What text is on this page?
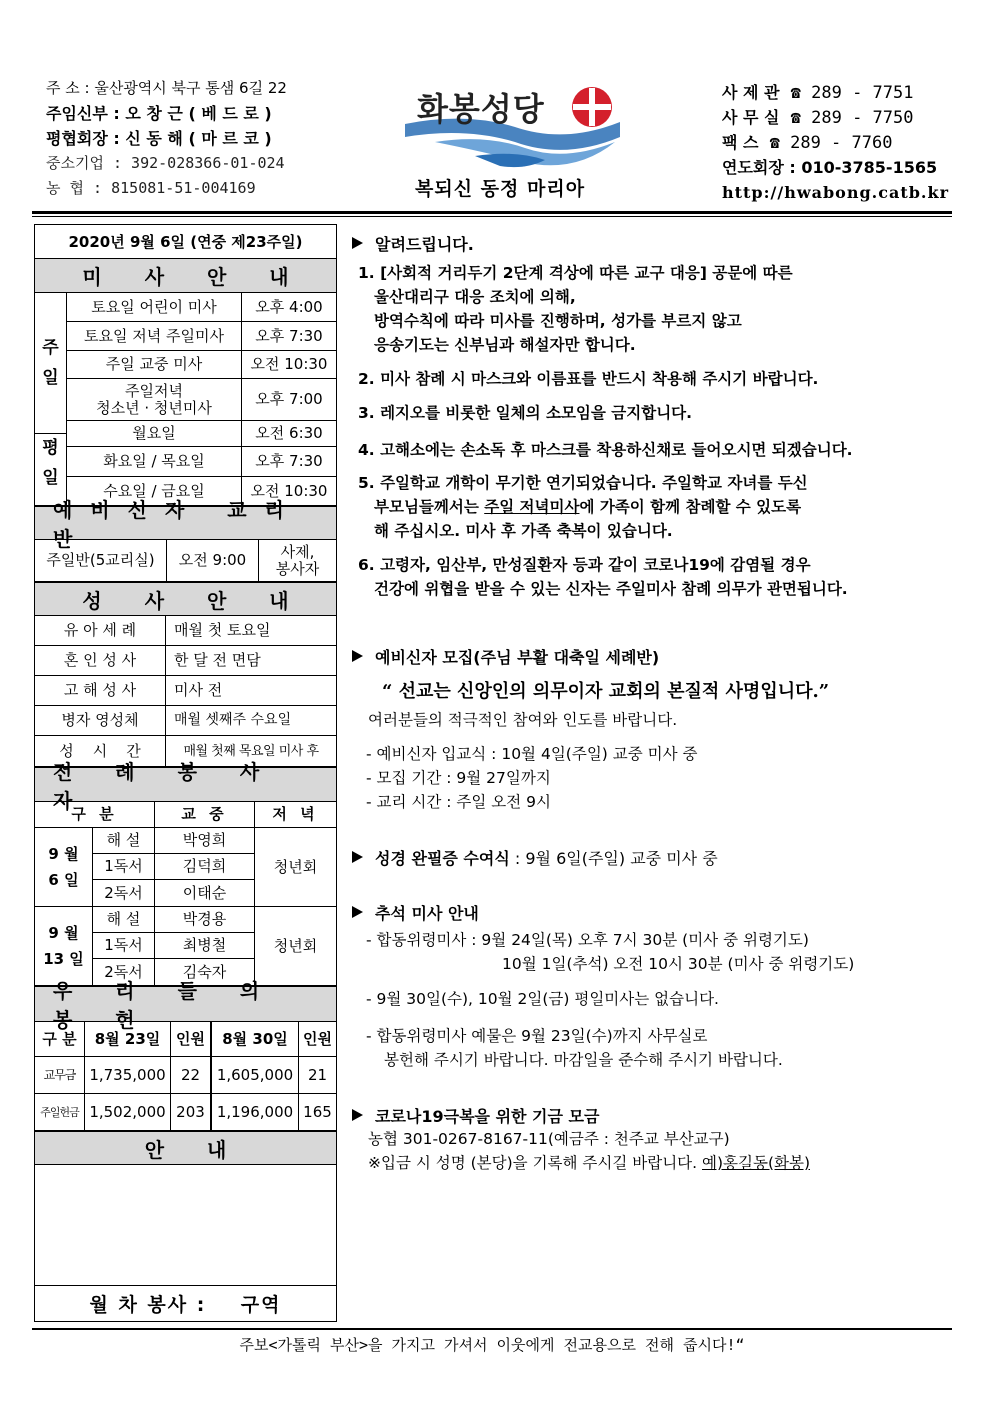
주 소 : 울산광역시 북구 통샘 6길 22
주임신부 : 오 창 근 ( 베 드 로 )
평협회장 : 신 동 해 ( 마 르 코 )
중소기업 : 392-028366-01-024
농 협 : 815081-51-004169
화봉성당
복되신 동정 마리아
사 제 관 ☎ 289 - 7751
사 무 실 ☎ 289 - 7750
팩 스 ☎ 289 - 7760
연도회장 : 010-3785-1565
http://hwabong.catb.kr
2020년 9월 6일 (연중 제23주일)
미 사 안 내
주
일
토요일 어린이 미사	오후 4:00
토요일 저녁 주일미사	오후 7:30
주일 교중 미사	오전 10:30
주일저녁
청소년 · 청년미사	오후 7:00
평
일
월요일	오전 6:30
화요일 / 목요일	오후 7:30
수요일 / 금요일	오전 10:30
예비신자 교리반
주일반(5교리실)	오전 9:00	사제,
봉사자
성 사 안 내
유 아 세 례	매월 첫 토요일
혼 인 성 사	한 달 전 면담
고 해 성 사	미사 전
병자 영성체	매월 셋째주 수요일
성    시    간	매월 첫째 목요일 미사 후
전 례 봉 사 자
구 분	교 중	저 녁
9 월
6 일
해 설	박영희
1독서	김덕희
2독서	이태순
청년회
9 월
13 일
해 설	박경용
1독서	최병철
2독서	김숙자
청년회
우 리 들 의 봉 헌
구 분	8월 23일	인원	8월 30일	인원
교무금 1,735,000	22	1,605,000 21
주일헌금 1,502,000 203 1,196,000 165
안 내
월 차 봉사 :    구역
알려드립니다.
1. [사회적 거리두기 2단계 격상에 따른 교구 대응] 공문에 따른
울산대리구 대응 조치에 의해,
방역수칙에 따라 미사를 진행하며, 성가를 부르지 않고
응송기도는 신부님과 해설자만 합니다.
2. 미사 참례 시 마스크와 이름표를 반드시 착용해 주시기 바랍니다.
3. 레지오를 비롯한 일체의 소모임을 금지합니다.
4. 고해소에는 손소독 후 마스크를 착용하신채로 들어오시면 되겠습니다.
5. 주일학교 개학이 무기한 연기되었습니다. 주일학교 자녀를 두신
부모님들께서는 주일 저녁미사에 가족이 함께 참례할 수 있도록
해 주십시오. 미사 후 가족 축복이 있습니다.
6. 고령자, 임산부, 만성질환자 등과 같이 코로나19에 감염될 경우
건강에 위협을 받을 수 있는 신자는 주일미사 참례 의무가 관면됩니다.
예비신자 모집(주님 부활 대축일 세례반)
“ 선교는 신앙인의 의무이자 교회의 본질적 사명입니다.”
여러분들의 적극적인 참여와 인도를 바랍니다.
- 예비신자 입교식 : 10월 4일(주일) 교중 미사 중
- 모집 기간 : 9월 27일까지
- 교리 시간 : 주일 오전 9시
성경 완필증 수여식 : 9월 6일(주일) 교중 미사 중
추석 미사 안내
- 합동위령미사 : 9월 24일(목) 오후 7시 30분 (미사 중 위령기도)
10월 1일(추석) 오전 10시 30분 (미사 중 위령기도)
- 9월 30일(수), 10월 2일(금) 평일미사는 없습니다.
- 합동위령미사 예물은 9월 23일(수)까지 사무실로
봉헌해 주시기 바랍니다. 마감일을 준수해 주시기 바랍니다.
코로나19극복을 위한 기금 모금
농협 301-0267-8167-11(예금주 : 천주교 부산교구)
※입금 시 성명 (본당)을 기록해 주시길 바랍니다. 예)홍길동(화봉)
주보<가톨릭 부산>을 가지고 가셔서 이웃에게 전교용으로 전해 줍시다!“
